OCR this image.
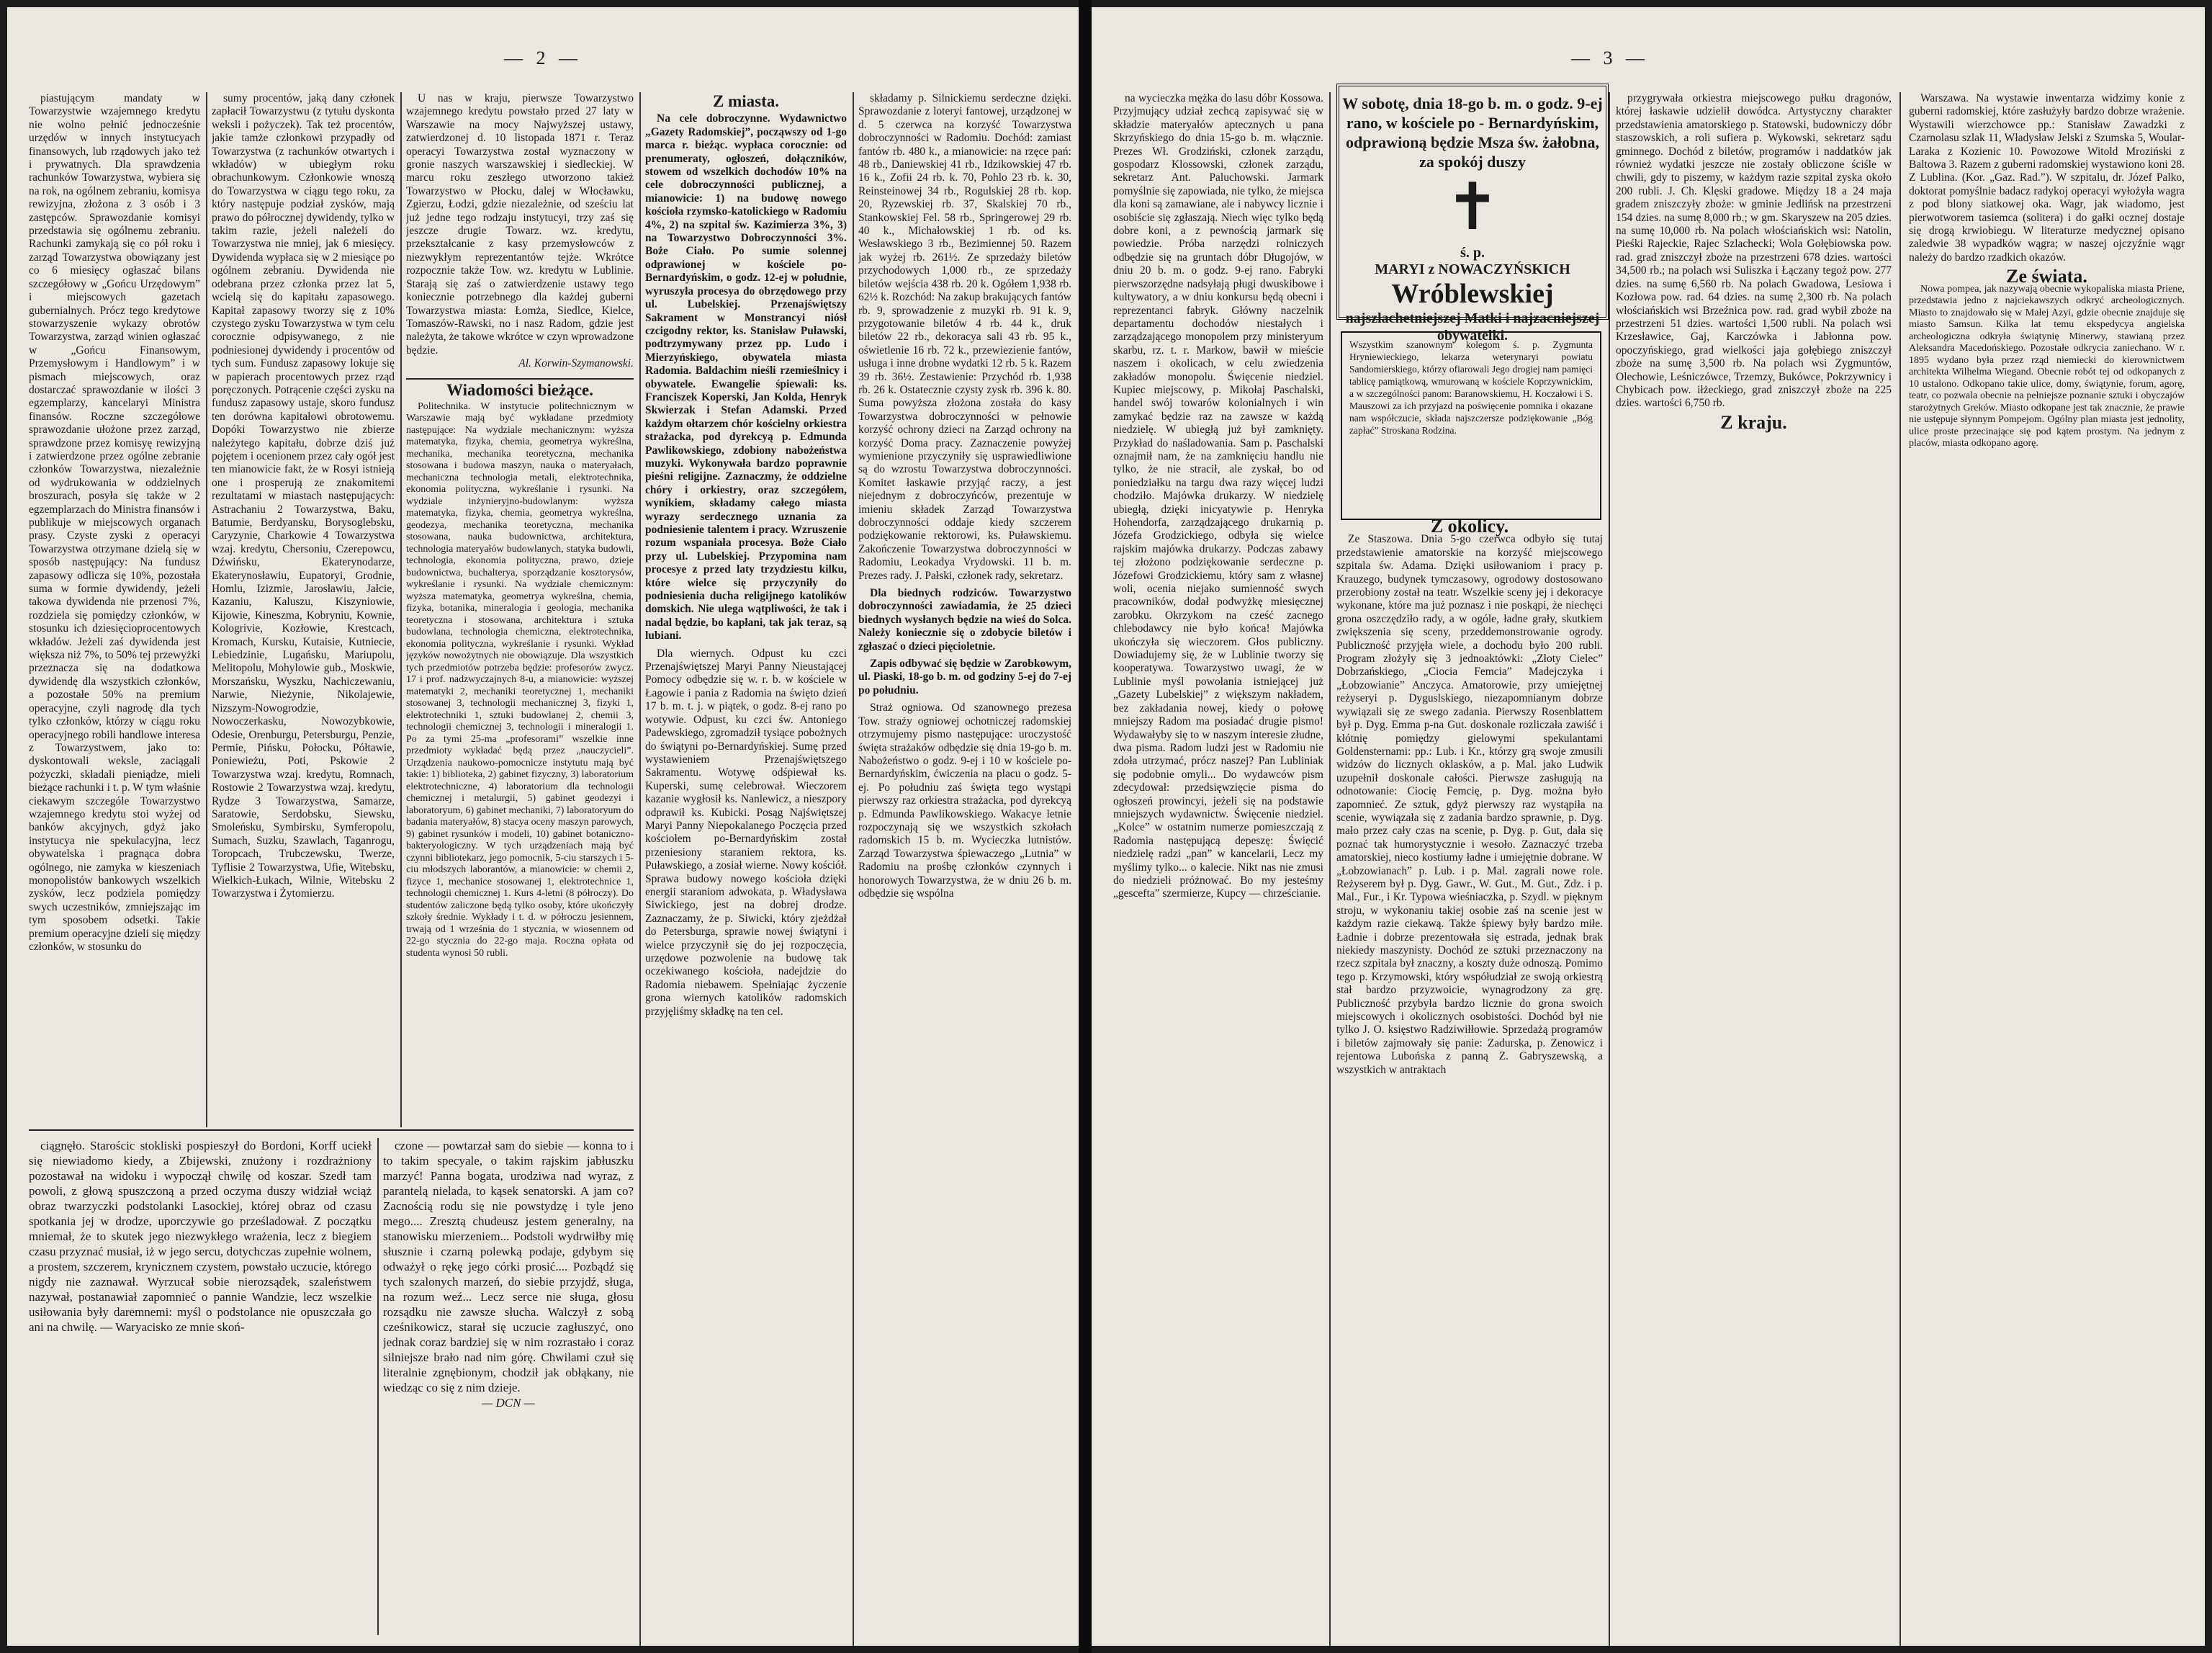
— 2 —

piastującym mandaty w Towarzystwie wzajemnego kredytu nie wolno pełnić jednocześnie urzędów w innych instytucyach finansowych, lub rządowych jako też i prywatnych. Dla sprawdzenia rachunków Towarzystwa, wybiera się na rok, na ogólnem zebraniu, komisya rewizyjna, złożona z 3 osób i 3 zastępców. Sprawozdanie komisyi przedstawia się ogólnemu zebraniu. Rachunki zamykają się co pół roku i zarząd Towarzystwa obowiązany jest co 6 miesięcy ogłaszać bilans szczegółowy w „Gońcu Urzędowym” i miejscowych gazetach gubernialnych. Prócz tego kredytowe stowarzyszenie wykazy obrotów Towarzystwa, zarząd winien ogłaszać w „Gońcu Finansowym, Przemysłowym i Handlowym” i w pismach miejscowych, oraz dostarczać sprawozdanie w ilości 3 egzemplarzy, kancelaryi Ministra finansów. Roczne szczegółowe sprawozdanie ułożone przez zarząd, sprawdzone przez komisyę rewizyjną i zatwierdzone przez ogólne zebranie członków Towarzystwa, niezależnie od wydrukowania w oddzielnych broszurach, posyła się także w 2 egzemplarzach do Ministra finansów i publikuje w miejscowych organach prasy. Czyste zyski z operacyi Towarzystwa otrzymane dzielą się w sposób następujący: Na fundusz zapasowy odlicza się 10%, pozostała suma w formie dywidendy, jeżeli takowa dywidenda nie przenosi 7%, rozdziela się pomiędzy członków, w stosunku ich dziesięcioprocentowych wkładów. Jeżeli zaś dywidenda jest większa niż 7%, to 50% tej przewyżki przeznacza się na dodatkowa dywidendę dla wszystkich członków, a pozostałe 50% na premium operacyjne, czyli nagrodę dla tych tylko członków, którzy w ciągu roku operacyjnego robili handlowe interesa z Towarzystwem, jako to: dyskontowali weksle, zaciągali pożyczki, składali pieniądze, mieli bieżące rachunki i t. p. W tym właśnie ciekawym szczególe Towarzystwo wzajemnego kredytu stoi wyżej od banków akcyjnych, gdyż jako instytucya nie spekulacyjna, lecz obywatelska i pragnąca dobra ogólnego, nie zamyka w kieszeniach monopolistów bankowych wszelkich zysków, lecz podziela pomiędzy swych uczestników, zmniejszając im tym sposobem odsetki. Takie premium operacyjne dzieli się między członków, w stosunku do

sumy procentów, jaką dany członek zapłacił Towarzystwu (z tytułu dyskonta weksli i pożyczek). Tak też procentów, jakie tamże członkowi przypadły od Towarzystwa (z rachunków otwartych i wkładów) w ubiegłym roku obrachunkowym. Członkowie wnoszą do Towarzystwa w ciągu tego roku, za który następuje podział zysków, mają prawo do półrocznej dywidendy, tylko w takim razie, jeżeli należeli do Towarzystwa nie mniej, jak 6 miesięcy. Dywidenda wypłaca się w 2 miesiące po ogólnem zebraniu. Dywidenda nie odebrana przez członka przez lat 5, wcielą się do kapitału zapasowego. Kapitał zapasowy tworzy się z 10% czystego zysku Towarzystwa w tym celu corocznie odpisywanego, z nie podniesionej dywidendy i procentów od tych sum. Fundusz zapasowy lokuje się w papierach procentowych przez rząd poręczonych. Potrącenie części zysku na fundusz zapasowy ustaje, skoro fundusz ten dorówna kapitałowi obrotowemu. Dopóki Towarzystwo nie zbierze należytego kapitału, dobrze dziś już pojętem i ocenionem przez cały ogół jest ten mianowicie fakt, że w Rosyi istnieją one i prosperują ze znakomitemi rezultatami w miastach następujących: Astrachaniu 2 Towarzystwa, Baku, Batumie, Berdyansku, Borysoglebsku, Caryzynie, Charkowie 4 Towarzystwa wzaj. kredytu, Chersoniu, Czerepowcu, Dźwińsku, Ekaterynodarze, Ekaterynosławiu, Eupatoryi, Grodnie, Homlu, Izizmie, Jarosławiu, Jałcie, Kazaniu, Kaluszu, Kiszyniowie, Kijowie, Kineszma, Kobryniu, Kownie, Kologrivie, Kozłowie, Krestcach, Kromach, Kursku, Kutaisie, Kutniecie, Lebiedzinie, Lugańsku, Mariupolu, Melitopolu, Mohylowie gub., Moskwie, Morszańsku, Wyszku, Nachiczewaniu, Narwie, Nieżynie, Nikolajewie, Nizszym-Nowogrodzie, Nowoczerkasku, Nowozybkowie, Odesie, Orenburgu, Petersburgu, Penzie, Permie, Pińsku, Połocku, Półtawie, Poniewieżu, Poti, Pskowie 2 Towarzystwa wzaj. kredytu, Romnach, Rostowie 2 Towarzystwa wzaj. kredytu, Rydze 3 Towarzystwa, Samarze, Saratowie, Serdobsku, Siewsku, Smoleńsku, Symbirsku, Symferopolu, Sumach, Suzku, Szawlach, Taganrogu, Toropcach, Trubczewsku, Twerze, Tyflisie 2 Towarzystwa, Ufie, Witebsku, Wielkich-Łukach, Wilnie, Witebsku 2 Towarzystwa i Żytomierzu.

U nas w kraju, pierwsze Towarzystwo wzajemnego kredytu powstało przed 27 laty w Warszawie na mocy Najwyższej ustawy, zatwierdzonej d. 10 listopada 1871 r. Teraz operacyi Towarzystwa został wyznaczony w gronie naszych warszawskiej i siedleckiej. W marcu roku zeszłego utworzono takież Towarzystwo w Płocku, dalej w Włocławku, Zgierzu, Łodzi, gdzie niezależnie, od sześciu lat już jedne tego rodzaju instytucyi, trzy zaś się jeszcze drugie Towarz. wz. kredytu, przekształcanie z kasy przemysłowców z niezwykłym reprezentantów tejże. Wkrótce rozpocznie także Tow. wz. kredytu w Lublinie. Starają się zaś o zatwierdzenie ustawy tego koniecznie potrzebnego dla każdej guberni Towarzystwa miasta: Łomża, Siedlce, Kielce, Tomaszów-Rawski, no i nasz Radom, gdzie jest należyta, że takowe wkrótce w czyn wprowadzone będzie.

Al. Korwin-Szymanowski.
Wiadomości bieżące.

Politechnika. W instytucie politechnicznym w Warszawie mają być wykładane przedmioty następujące: Na wydziale mechanicznym: wyższa matematyka, fizyka, chemia, geometrya wykreślna, mechanika, mechanika teoretyczna, mechanika stosowana i budowa maszyn, nauka o materyałach, mechaniczna technologia metali, elektrotechnika, ekonomia polityczna, wykreślanie i rysunki. Na wydziale inżynieryjno-budowlanym: wyższa matematyka, fizyka, chemia, geometrya wykreślna, geodezya, mechanika teoretyczna, mechanika stosowana, nauka budownictwa, architektura, technologia materyałów budowlanych, statyka budowli, technologia, ekonomia polityczna, prawo, dzieje budownictwa, buchalterya, sporządzanie kosztorysów, wykreślanie i rysunki. Na wydziale chemicznym: wyższa matematyka, geometrya wykreślna, chemia, fizyka, botanika, mineralogia i geologia, mechanika teoretyczna i stosowana, architektura i sztuka budowlana, technologia chemiczna, elektrotechnika, ekonomia polityczna, wykreślanie i rysunki. Wykład języków nowożytnych nie obowiązuje. Dla wszystkich tych przedmiotów potrzeba będzie: profesorów zwycz. 17 i prof. nadzwyczajnych 8-u, a mianowicie: wyższej matematyki 2, mechaniki teoretycznej 1, mechaniki stosowanej 3, technologii mechanicznej 3, fizyki 1, elektrotechniki 1, sztuki budowlanej 2, chemii 3, technologii chemicznej 3, technologii i mineralogii 1. Po za tymi 25-ma „profesorami” wszelkie inne przedmioty wykładać będą przez „nauczycieli”. Urządzenia naukowo-pomocnicze instytutu mają być takie: 1) biblioteka, 2) gabinet fizyczny, 3) laboratorium elektrotechniczne, 4) laboratorium dla technologii chemicznej i metalurgii, 5) gabinet geodezyi i laboratoryum, 6) gabinet mechaniki, 7) laboratoryum do badania materyałów, 8) stacya oceny maszyn parowych, 9) gabinet rysunków i modeli, 10) gabinet botaniczno-bakteryologiczny. W tych urządzeniach mają być czynni bibliotekarz, jego pomocnik, 5-ciu starszych i 5-ciu młodszych laborantów, a mianowicie: w chemii 2, fizyce 1, mechanice stosowanej 1, elektrotechnice 1, technologii chemicznej 1. Kurs 4-letni (8 półroczy). Do studentów zaliczone będą tylko osoby, które ukończyły szkoły średnie. Wykłady i t. d. w półroczu jesiennem, trwają od 1 września do 1 stycznia, w wiosennem od 22-go stycznia do 22-go maja. Roczna opłata od studenta wynosi 50 rubli.

ciągnęło. Starościc stokliski pospieszył do Bordoni, Korff uciekł się niewiadomo kiedy, a Zbijewski, znużony i rozdrażniony pozostawał na widoku i wypoczął chwilę od koszar. Szedł tam powoli, z głową spuszczoną a przed oczyma duszy widział wciąż obraz twarzyczki podstolanki Lasockiej, której obraz od czasu spotkania jej w drodze, uporczywie go prześladował. Z początku mniemał, że to skutek jego niezwykłego wrażenia, lecz z biegiem czasu przyznać musiał, iż w jego sercu, dotychczas zupełnie wolnem, a prostem, szczerem, krynicznem czystem, powstało uczucie, którego nigdy nie zaznawał. Wyrzucał sobie nierozsądek, szaleństwem nazywał, postanawiał zapomnieć o pannie Wandzie, lecz wszelkie usiłowania były daremnemi: myśl o podstolance nie opuszczała go ani na chwilę. — Waryacisko ze mnie skoń-

czone — powtarzał sam do siebie — konna to i to takim specyale, o takim rajskim jabłuszku marzyć! Panna bogata, urodziwa nad wyraz, z parantelą nielada, to kąsek senatorski. A jam co? Zacnością rodu się nie powstydzę i tyle jeno mego.... Zresztą chudeusz jestem generalny, na stanowisku mierzeniem... Podstoli wydrwiłby mię słusznie i czarną polewką podaje, gdybym się odważył o rękę jego córki prosić.... Pozbądź się tych szalonych marzeń, do siebie przyjdź, sługa, na rozum weź... Lecz serce nie sługa, głosu rozsądku nie zawsze słucha. Walczył z sobą cześnikowicz, starał się uczucie zagłuszyć, ono jednak coraz bardziej się w nim rozrastało i coraz silniejsze brało nad nim górę. Chwilami czuł się literalnie zgnębionym, chodził jak obłąkany, nie wiedząc co się z nim dzieje.

— DCN —
Z miasta.

Na cele dobroczynne. Wydawnictwo „Gazety Radomskiej”, począwszy od 1-go marca r. bieżąc. wypłaca corocznie: od prenumeraty, ogłoszeń, dołączników, stowem od wszelkich dochodów 10% na cele dobroczynności publicznej, a mianowicie: 1) na budowę nowego kościoła rzymsko-katolickiego w Radomiu 4%, 2) na szpital św. Kazimierza 3%, 3) na Towarzystwo Dobroczynności 3%. Boże Ciało. Po sumie solennej odprawionej w kościele po-Bernardyńskim, o godz. 12-ej w południe, wyruszyła procesya do obrzędowego przy ul. Lubelskiej. Przenajświętszy Sakrament w Monstrancyi niósł czcigodny rektor, ks. Stanisław Puławski, podtrzymywany przez pp. Ludo i Mierzyńskiego, obywatela miasta Radomia. Baldachim nieśli rzemieślnicy i obywatele. Ewangelie śpiewali: ks. Franciszek Koperski, Jan Kolda, Henryk Skwierzak i Stefan Adamski. Przed każdym ołtarzem chór kościelny orkiestra strażacka, pod dyrekcyą p. Edmunda Pawlikowskiego, zdobiony nabożeństwa muzyki. Wykonywała bardzo poprawnie pieśni religijne. Zaznaczmy, że oddzielne chóry i orkiestry, oraz szczegółem, wynikiem, składamy całego miasta wyrazy serdecznego uznania za podniesienie talentem i pracy. Wzruszenie rozum wspaniała procesya. Boże Ciało przy ul. Lubelskiej. Przypomina nam procesye z przed laty trzydziestu kilku, które wielce się przyczyniły do podniesienia ducha religijnego katolików domskich. Nie ulega wątpliwości, że tak i nadal będzie, bo kapłani, tak jak teraz, są lubiani.

Dla wiernych. Odpust ku czci Przenajświętszej Maryi Panny Nieustającej Pomocy odbędzie się w. r. b. w kościele w Łagowie i pania z Radomia na święto dzień 17 b. m. t. j. w piątek, o godz. 8-ej rano po wotywie. Odpust, ku czci św. Antoniego Padewskiego, zgromadził tysiące pobożnych do świątyni po-Bernardyńskiej. Sumę przed wystawieniem Przenajświętszego Sakramentu. Wotywę odśpiewał ks. Kuperski, sumę celebrował. Wieczorem kazanie wygłosił ks. Nanlewicz, a nieszpory odprawił ks. Kubicki. Posąg Najświętszej Maryi Panny Niepokalanego Poczęcia przed kościołem po-Bernardyńskim został przeniesiony staraniem rektora, ks. Puławskiego, a zosiał wierne. Nowy kościół. Sprawa budowy nowego kościoła dzięki energii staraniom adwokata, p. Władysława Siwickiego, jest na dobrej drodze. Zaznaczamy, że p. Siwicki, który zjeżdżał do Petersburga, sprawie nowej świątyni i wielce przyczynił się do jej rozpoczęcia, urzędowe pozwolenie na budowę tak oczekiwanego kościoła, nadejdzie do Radomia niebawem. Spełniając życzenie grona wiernych katolików radomskich przyjęliśmy składkę na ten cel.

składamy p. Silnickiemu serdeczne dzięki. Sprawozdanie z loteryi fantowej, urządzonej w d. 5 czerwca na korzyść Towarzystwa dobroczynności w Radomiu. Dochód: zamiast fantów rb. 480 k., a mianowicie: na rzęce pań: 48 rb., Daniewskiej 41 rb., Idzikowskiej 47 rb. 16 k., Zofii 24 rb. k. 70, Pohlo 23 rb. k. 30, Reinsteinowej 34 rb., Rogulskiej 28 rb. kop. 20, Ryzewskiej rb. 37, Skalskiej 70 rb., Stankowskiej Fel. 58 rb., Springerowej 29 rb. 40 k., Michałowskiej 1 rb. od ks. Wesławskiego 3 rb., Bezimiennej 50. Razem jak wyżej rb. 261½. Ze sprzedaży biletów przychodowych 1,000 rb., ze sprzedaży biletów wejścia 438 rb. 20 k. Ogółem 1,938 rb. 62½ k. Rozchód: Na zakup brakujących fantów rb. 9, sprowadzenie z muzyki rb. 91 k. 9, przygotowanie biletów 4 rb. 44 k., druk biletów 22 rb., dekoracya sali 43 rb. 95 k., oświetlenie 16 rb. 72 k., przewiezienie fantów, usługa i inne drobne wydatki 12 rb. 5 k. Razem 39 rb. 36½. Zestawienie: Przychód rb. 1,938 rb. 26 k. Ostatecznie czysty zysk rb. 396 k. 80. Suma powyższa złożona została do kasy Towarzystwa dobroczynności w pełnowie korzyść ochrony dzieci na Zarząd ochrony na korzyść Doma pracy. Zaznaczenie powyżej wymienione przyczyniły się usprawiedliwione są do wzrostu Towarzystwa dobroczynności. Komitet łaskawie przyjąć raczy, a jest niejednym z dobroczyńców, prezentuje w imieniu składek Zarząd Towarzystwa dobroczynności oddaje kiedy szczerem podziękowanie rektorowi, ks. Puławskiemu. Zakończenie Towarzystwa dobroczynności w Radomiu, Leokadya Vrydowski. 11 b. m. Prezes rady. J. Pałski, członek rady, sekretarz.

Dla biednych rodziców. Towarzystwo dobroczynności zawiadamia, że 25 dzieci biednych wysłanych będzie na wieś do Solca. Należy koniecznie się o zdobycie biletów i zgłaszać o dzieci pięcioletnie.

Zapis odbywać się będzie w Zarobkowym, ul. Piaski, 18-go b. m. od godziny 5-ej do 7-ej po południu.

Straż ogniowa. Od szanownego prezesa Tow. straży ogniowej ochotniczej radomskiej otrzymujemy pismo następujące: uroczystość święta strażaków odbędzie się dnia 19-go b. m. Nabożeństwo o godz. 9-ej i 10 w kościele po-Bernardyńskim, ćwiczenia na placu o godz. 5-ej. Po południu zaś święta tego wystąpi pierwszy raz orkiestra strażacka, pod dyrekcyą p. Edmunda Pawlikowskiego. Wakacye letnie rozpoczynają się we wszystkich szkołach radomskich 15 b. m. Wycieczka lutnistów. Zarząd Towarzystwa śpiewaczego „Lutnia” w Radomiu na prośbę członków czynnych i honorowych Towarzystwa, że w dniu 26 b. m. odbędzie się wspólna

— 3 —

na wycieczka mężka do lasu dóbr Kossowa. Przyjmujący udział zechcą zapisywać się w składzie materyałów aptecznych u pana Skrzyńskiego do dnia 15-go b. m. włącznie. Prezes Wł. Grodziński, członek zarządu, gospodarz Klossowski, członek zarządu, sekretarz Ant. Paluchowski. Jarmark pomyślnie się zapowiada, nie tylko, że miejsca dla koni są zamawiane, ale i nabywcy licznie i osobiście się zgłaszają. Niech więc tylko będą dobre koni, a z pewnością jarmark się powiedzie. Próba narzędzi rolniczych odbędzie się na gruntach dóbr Długojów, w dniu 20 b. m. o godz. 9-ej rano. Fabryki pierwszorzędne nadsyłają pługi dwuskibowe i kultywatory, a w dniu konkursu będą obecni i reprezentanci fabryk. Główny naczelnik departamentu dochodów niestałych i zarządzającego monopolem przy ministeryum skarbu, rz. t. r. Markow, bawił w mieście naszem i okolicach, w celu zwiedzenia zakładów monopolu. Święcenie niedziel. Kupiec miejscowy, p. Mikołaj Paschalski, handel swój towarów kolonialnych i win zamykać będzie raz na zawsze w każdą niedzielę. W ubiegłą już był zamknięty. Przykład do naśladowania. Sam p. Paschalski oznajmił nam, że na zamknięciu handlu nie tylko, że nie stracił, ale zyskał, bo od poniedziałku na targu dwa razy więcej ludzi chodziło. Majówka drukarzy. W niedzielę ubiegłą, dzięki inicyatywie p. Henryka Hohendorfa, zarządzającego drukarnią p. Józefa Grodzickiego, odbyła się wielce rajskim majówka drukarzy. Podczas zabawy tej złożono podziękowanie serdeczne p. Józefowi Grodzickiemu, który sam z własnej woli, ocenia niejako sumienność swych pracowników, dodał podwyżkę miesięcznej zarobku. Okrzykom na cześć zacnego chlebodawcy nie było końca! Majówka ukończyła się wieczorem. Głos publiczny. Dowiadujemy się, że w Lublinie tworzy się kooperatywa. Towarzystwo uwagi, że w Lublinie myśl powołania istniejącej już „Gazety Lubelskiej” z większym nakładem, bez zakładania nowej, kiedy o połowę mniejszy Radom ma posiadać drugie pismo! Wydawałyby się to w naszym interesie złudne, dwa pisma. Radom ludzi jest w Radomiu nie zdoła utrzymać, prócz naszej? Pan Lubliniak się podobnie omyli... Do wydawców pism zdecydował: przedsięwzięcie pisma do ogłoszeń prowincyi, jeżeli się na podstawie mniejszych wydawnictw. Święcenie niedziel. „Kolce” w ostatnim numerze pomieszczają z Radomia następującą depeszę: Święcić niedzielę radzi „pan” w kancelarii, Lecz my myślimy tylko... o kalecie. Nikt nas nie zmusi do niedzieli próżnować. Bo my jesteśmy „gescefta” szermierze, Kupcy — chrześcianie.

W sobotę, dnia 18-go b. m. o godz. 9-ej rano, w kościele po - Bernardyńskim, odprawioną będzie Msza św. żałobna, za spokój duszy
✝
ś. p.
MARYI z NOWACZYŃSKICH
Wróblewskiej
najszlachetniejszej Matki i najzacniejszej obywatelki.
Wszystkim szanownym kolegom ś. p. Zygmunta Hryniewieckiego, lekarza weterynaryi powiatu Sandomierskiego, którzy ofiarowali Jego drogiej nam pamięci tablicę pamiątkową, wmurowaną w kościele Koprzywnickim, a w szczególności panom: Baranowskiemu, H. Koczałowi i S. Mauszowi za ich przyjazd na poświęcenie pomnika i okazane nam współczucie, składa najszczersze podziękowanie „Bóg zapłać” Stroskana Rodzina.
Z okolicy.

Ze Staszowa. Dnia 5-go czerwca odbyło się tutaj przedstawienie amatorskie na korzyść miejscowego szpitala św. Adama. Dzięki usiłowaniom i pracy p. Krauzego, budynek tymczasowy, ogrodowy dostosowano przerobiony został na teatr. Wszelkie sceny jej i dekoracye wykonane, które ma już poznasz i nie poskąpi, że niechęci grona oszczędziło rady, a w ogóle, ładne grały, skutkiem zwiększenia się sceny, przeddemonstrowanie ogrody. Publiczność przyjęła wiele, a dochodu było 200 rubli. Program złożyły się 3 jednoaktówki: „Złoty Cielec” Dobrzańskiego, „Ciocia Femcia” Madejczyka i „Łobzowianie” Anczyca. Amatorowie, przy umiejętnej reżyseryi p. Dyguslskiego, niezapomnianym dobrze wywiązali się ze swego zadania. Pierwszy Rosenblattem był p. Dyg. Emma p-na Gut. doskonale rozliczała zawiść i kłótnię pomiędzy gielowymi spekulantami Goldensternami: pp.: Lub. i Kr., którzy grą swoje zmusili widzów do licznych oklasków, a p. Mal. jako Ludwik uzupełnił doskonale całości. Pierwsze zasługują na odnotowanie: Ciocię Femcię, p. Dyg. można było zapomnieć. Ze sztuk, gdyż pierwszy raz wystąpiła na scenie, wywiązała się z zadania bardzo sprawnie, p. Dyg. mało przez cały czas na scenie, p. Dyg. p. Gut, dała się poznać tak humorystycznie i wesoło. Zaznaczyć trzeba amatorskiej, nieco kostiumy ładne i umiejętnie dobrane. W „Łobzowianach” p. Lub. i p. Mal. zagrali nowe role. Reżyserem był p. Dyg. Gawr., W. Gut., M. Gut., Zdz. i p. Mal., Fur., i Kr. Typowa wieśniaczka, p. Szydl. w pięknym stroju, w wykonaniu takiej osobie zaś na scenie jest w każdym razie ciekawą. Także śpiewy były bardzo miłe. Ładnie i dobrze prezentowała się estrada, jednak brak niekiedy maszynisty. Dochód ze sztuki przeznaczony na rzecz szpitala był znaczny, a koszty duże odnoszą. Pomimo tego p. Krzymowski, który współudział ze swoją orkiestrą stał bardzo przyzwoicie, wynagrodzony za grę. Publiczność przybyła bardzo licznie do grona swoich miejscowych i okolicznych osobistości. Dochód był nie tylko J. O. księstwo Radziwiłłowie. Sprzedażą programów i biletów zajmowały się panie: Zadurska, p. Zenowicz i rejentowa Lubońska z panną Z. Gabryszewską, a wszystkich w antraktach

przygrywała orkiestra miejscowego pułku dragonów, której łaskawie udzielił dowódca. Artystyczny charakter przedstawienia amatorskiego p. Statowski, budowniczy dóbr staszowskich, a roli sufiera p. Wykowski, sekretarz sądu gminnego. Dochód z biletów, programów i naddatków jak również wydatki jeszcze nie zostały obliczone ściśle w chwili, gdy to piszemy, w każdym razie szpital zyska około 200 rubli. J. Ch. Klęski gradowe. Między 18 a 24 maja gradem zniszczyły zboże: w gminie Jedlińsk na przestrzeni 154 dzies. na sumę 8,000 rb.; w gm. Skaryszew na 205 dzies. na sumę 10,000 rb. Na polach włościańskich wsi: Natolin, Pieśki Rajeckie, Rajec Szlachecki; Wola Gołębiowska pow. rad. grad zniszczył zboże na przestrzeni 678 dzies. wartości 34,500 rb.; na polach wsi Suliszka i Łączany tegoż pow. 277 dzies. na sumę 6,560 rb. Na polach Gwadowa, Lesiowa i Kozłowa pow. rad. 64 dzies. na sumę 2,300 rb. Na polach włościańskich wsi Brzeźnica pow. rad. grad wybił zboże na przestrzeni 51 dzies. wartości 1,500 rubli. Na polach wsi Krzesławice, Gaj, Karczówka i Jabłonna pow. opoczyńskiego, grad wielkości jaja gołębiego zniszczył zboże na sumę 3,500 rb. Na polach wsi Zygmuntów, Olechowie, Leśniczówce, Trzemzy, Bukówce, Pokrzywnicy i Chybicach pow. iłżeckiego, grad zniszczył zboże na 225 dzies. wartości 6,750 rb.

Z kraju.

Warszawa. Na wystawie inwentarza widzimy konie z guberni radomskiej, które zasłużyły bardzo dobrze wrażenie. Wystawili wierzchowce pp.: Stanisław Zawadzki z Czarnolasu szlak 11, Władysław Jelski z Szumska 5, Woular-Laraka z Kozienic 10. Powozowe Witold Mroziński z Baltowa 3. Razem z guberni radomskiej wystawiono koni 28. Z Lublina. (Kor. „Gaz. Rad.”). W szpitalu, dr. Józef Palko, doktorat pomyślnie badacz radykoj operacyi wyłożyła wagra z pod blony siatkowej oka. Wagr, jak wiadomo, jest pierwotworem tasiemca (solitera) i do gałki ocznej dostaje się drogą krwiobiegu. W literaturze medycznej opisano zaledwie 38 wypadków wągra; w naszej ojczyźnie wągr należy do bardzo rzadkich okazów.

Ze świata.

Nowa pompea, jak nazywają obecnie wykopaliska miasta Priene, przedstawia jedno z najciekawszych odkryć archeologicznych. Miasto to znajdowało się w Małej Azyi, gdzie obecnie znajduje się miasto Samsun. Kilka lat temu ekspedycya angielska archeologiczna odkryła świątynię Minerwy, stawianą przez Aleksandra Macedońskiego. Pozostałe odkrycia zaniechano. W r. 1895 wydano była przez rząd niemiecki do kierownictwem architekta Wilhelma Wiegand. Obecnie robót tej od odkopanych z 10 ustalono. Odkopano takie ulice, domy, świątynie, forum, agorę, teatr, co pozwala obecnie na pełniejsze poznanie sztuki i obyczajów starożytnych Greków. Miasto odkopane jest tak znacznie, że prawie nie ustępuje słynnym Pompejom. Ogólny plan miasta jest jednolity, ulice proste przecinające się pod kątem prostym. Na jednym z placów, miasta odkopano agorę.
